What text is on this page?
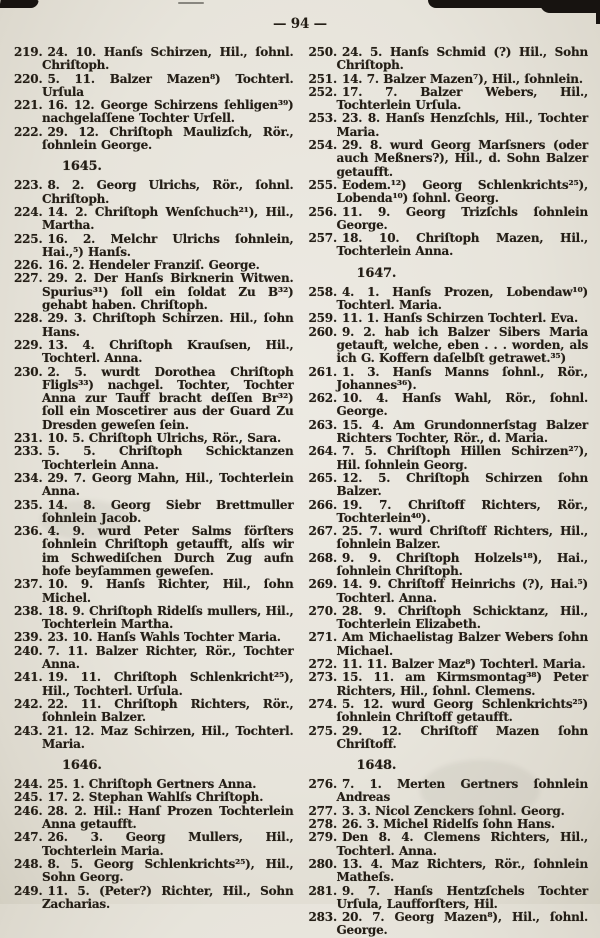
— 94 —
219. 24. 10. Hanſs Schirzen, Hil., ſohnl. Chriſtoph.
220. 5. 11. Balzer Mazen⁸) Tochterl. Urſula
221. 16. 12. George Schirzens ſehligen³⁹) nachgelaſſene Tochter Urſell.
222. 29. 12. Chriſtoph Maulizſch, Rör., ſohnlein George.
1645.
223. 8. 2. Georg Ulrichs, Rör., ſohnl. Chriſtoph.
224. 14. 2. Chriſtoph Wenſchuch²¹), Hil., Martha.
225. 16. 2. Melchr Ulrichs ſohnlein, Hai.,⁵) Hanſs.
226. 16. 2. Hendeler Franziſ. George.
227. 29. 2. Der Hanſs Birknerin Witwen. Spurius³¹) ſoll ein ſoldat Zu B³²) gehabt haben. Chriſtoph.
228. 29. 3. Chriſtoph Schirzen. Hil., ſohn Hans.
229. 13. 4. Chriſtoph Krauſsen, Hil., Tochterl. Anna.
230. 2. 5. wurdt Dorothea Chriſtoph Fligls³³) nachgel. Tochter, Tochter Anna zur Tauff bracht deſſen Br³²) ſoll ein Moscetirer aus der Guard Zu Dresden geweſen ſein.
231. 10. 5. Chriſtoph Ulrichs, Rör., Sara.
233. 5. 5. Chriſtoph Schicktanzen Tochterlein Anna.
234. 29. 7. Georg Mahn, Hil., Tochterlein Anna.
235. 14. 8. Georg Siebr Brettmuller ſohnlein Jacob.
236. 4. 9. wurd Peter Salms förſters ſohnlein Chriſtoph getaufft, alſs wir im Schwediſchen Durch Zug aufn hofe beyſammen geweſen.
237. 10. 9. Hanſs Richter, Hil., ſohn Michel.
238. 18. 9. Chriſtoph Ridelſs mullers, Hil., Tochterlein Martha.
239. 23. 10. Hanſs Wahls Tochter Maria.
240. 7. 11. Balzer Richter, Rör., Tochter Anna.
241. 19. 11. Chriſtoph Schlenkricht²⁵), Hil., Tochterl. Urſula.
242. 22. 11. Chriſtoph Richters, Rör., ſohnlein Balzer.
243. 21. 12. Maz Schirzen, Hil., Tochterl. Maria.
1646.
244. 25. 1. Chriſtoph Gertners Anna.
245. 17. 2. Stephan Wahlſs Chriſtoph.
246. 28. 2. Hil.: Hanſ Prozen Tochterlein Anna getaufft.
247. 26. 3. Georg Mullers, Hil., Tochterlein Maria.
248. 8. 5. Georg Schlenkrichts²⁵), Hil., Sohn Georg.
249. 11. 5. (Peter?) Richter, Hil., Sohn Zacharias.
250. 24. 5. Hanſs Schmid (?) Hil., Sohn Chriſtoph.
251. 14. 7. Balzer Mazen⁷), Hil., ſohnlein.
252. 17. 7. Balzer Webers, Hil., Tochterlein Urſula.
253. 23. 8. Hanſs Henzſchls, Hil., Tochter Maria.
254. 29. 8. wurd Georg Marſsners (oder auch Meßners?), Hil., d. Sohn Balzer getaufft.
255. Eodem.¹²) Georg Schlenkrichts²⁵), Lobenda¹⁰) ſohnl. Georg.
256. 11. 9. Georg Trizſchls ſohnlein George.
257. 18. 10. Chriſtoph Mazen, Hil., Tochterlein Anna.
1647.
258. 4. 1. Hanſs Prozen, Lobendaw¹⁰) Tochterl. Maria.
259. 11. 1. Hanſs Schirzen Tochterl. Eva.
260. 9. 2. hab ich Balzer Sibers Maria getauft, welche, eben . . . worden, als ich G. Koffern daſelbſt getrawet.³⁵)
261. 1. 3. Hanſs Manns ſohnl., Rör., Johannes³⁶).
262. 10. 4. Hanſs Wahl, Rör., ſohnl. George.
263. 15. 4. Am Grundonnerſstag Balzer Richters Tochter, Rör., d. Maria.
264. 7. 5. Chriſtoph Hillen Schirzen²⁷), Hil. ſohnlein Georg.
265. 12. 5. Chriſtoph Schirzen ſohn Balzer.
266. 19. 7. Chriſtoff Richters, Rör., Tochterlein⁴⁰).
267. 25. 7. wurd Chriſtoff Richters, Hil., ſohnlein Balzer.
268. 9. 9. Chriſtoph Holzels¹⁸), Hai., ſohnlein Chriſtoph.
269. 14. 9. Chriſtoff Heinrichs (?), Hai.⁵) Tochterl. Anna.
270. 28. 9. Chriſtoph Schicktanz, Hil., Tochterlein Elizabeth.
271. Am Michaelistag Balzer Webers ſohn Michael.
272. 11. 11. Balzer Maz⁸) Tochterl. Maria.
273. 15. 11. am Kirmsmontag³⁸) Peter Richters, Hil., ſohnl. Clemens.
274. 5. 12. wurd Georg Schlenkrichts²⁵) ſohnlein Chriſtoff getaufft.
275. 29. 12. Chriſtoff Mazen ſohn Chriſtoff.
1648.
276. 7. 1. Merten Gertners ſohnlein Andreas
277. 3. 3. Nicol Zenckers ſohnl. Georg.
278. 26. 3. Michel Ridelſs ſohn Hans.
279. Den 8. 4. Clemens Richters, Hil., Tochterl. Anna.
280. 13. 4. Maz Richters, Rör., ſohnlein Matheſs.
281. 9. 7. Hanſs Hentzſchels Tochter Urſula, Laufforſters, Hil.
283. 20. 7. Georg Mazen⁸), Hil., ſohnl. George.
